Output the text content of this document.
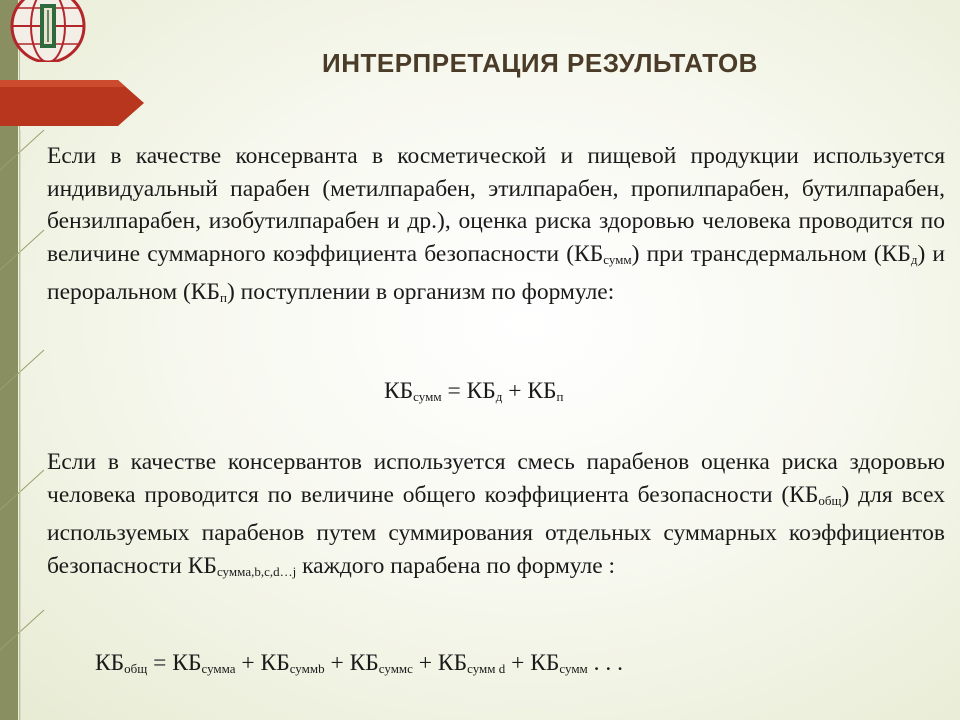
ИНТЕРПРЕТАЦИЯ РЕЗУЛЬТАТОВ
Если в качестве консерванта в косметической и пищевой продукции используется индивидуальный парабен (метилпарабен, этилпарабен, пропилпарабен, бутилпарабен, бензилпарабен, изобутилпарабен и др.), оценка риска здоровью человека проводится по величине суммарного коэффициента безопасности $(КБ_{сумм})$ при трансдермальном $(КБ_д)$ и пероральном $(КБ_п)$ поступлении в организм по формуле:
$КБ_{сумм} = КБ_д + КБ_п$
Если в качестве консервантов используется смесь парабенов оценка риска здоровью человека проводится по величине общего коэффициента безопасности $(КБ_{общ})$ для всех используемых парабенов путем суммирования отдельных суммарных коэффициентов безопасности $КБ_{суммa,b,c,d\dots j}$ каждого парабена по формуле :
$КБ_{общ} = КБ_{сумма} + КБ_{суммb} + КБ_{суммc} + КБ_{сумм d} + КБ_{сумм}$ . . .
